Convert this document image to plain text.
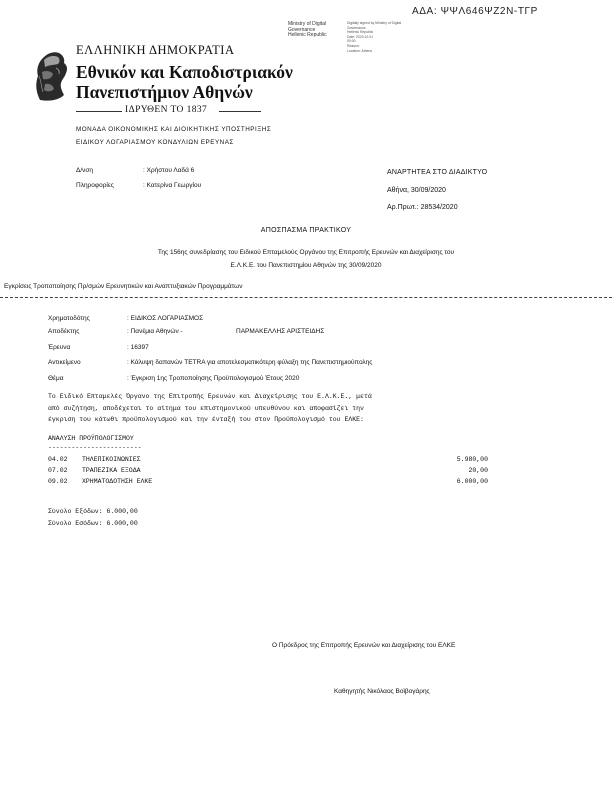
ΑΔΑ: ΨΨΛ646ΨΖ2Ν-ΤΓΡ
Ministry of Digital
Governance
Hellenic Republic
Digitally signed by Ministry of Digital
Governance,
Hellenic Republic
Date: 2020.10.01
00:00
Reason:
Location: Athens
ΕΛΛΗΝΙΚΗ ΔΗΜΟΚΡΑΤΙΑ
Εθνικόν και Καποδιστριακόν
Πανεπιστήμιον Αθηνών
ΙΔΡΥΘΕΝ ΤΟ 1837
ΜΟΝΑΔΑ ΟΙΚΟΝΟΜΙΚΗΣ ΚΑΙ ΔΙΟΙΚΗΤΙΚΗΣ ΥΠΟΣΤΗΡΙΞΗΣ
ΕΙΔΙΚΟΥ ΛΟΓΑΡΙΑΣΜΟΥ ΚΟΝΔΥΛΙΩΝ ΕΡΕΥΝΑΣ
Δ/νση	: Χρήστου Λαδά 6
Πληροφορίες	: Κατερίνα Γεωργίου
ΑΝΑΡΤΗΤΕΑ ΣΤΟ ΔΙΑΔΙΚΤΥΟ
Αθήνα, 30/09/2020
Αρ.Πρωτ.: 28534/2020
ΑΠΟΣΠΑΣΜΑ ΠΡΑΚΤΙΚΟΥ
Της 156ης συνεδρίασης του Ειδικού Επταμελούς Οργάνου της Επιτροπής Ερευνών και Διαχείρισης του
Ε.Λ.Κ.Ε. του Πανεπιστημίου Αθηνών της 30/09/2020
Εγκρίσεις Τροποποίησης Πρ/σμών Ερευνητικών και Αναπτυξιακών Προγραμμάτων
Χρηματοδότης	: ΕΙΔΙΚΟΣ ΛΟΓΑΡΙΑΣΜΟΣ
Αποδέκτης	: Πανέμια Αθηνών -	ΠΑΡΜΑΚΕΛΛΗΣ ΑΡΙΣΤΕΙΔΗΣ
Έρευνα	: 16397
Αντικείμενο	: Κάλυψη δαπανών TETRA για αποτελεσματικότερη φύλαξη της Πανεπιστημιούπολης
Θέμα	: Έγκριση 1ης Τροποποίησης Προϋπολογισμού Έτους 2020
Το Ειδικό Επταμελές Όργανο της Επιτροπής Ερευνών και Διαχείρισης του Ε.Λ.Κ.Ε., μετά
από συζήτηση, αποδέχεται το αίτημα του επιστημονικού υπευθύνου και αποφασίζει την
έγκριση του κάτωθι προϋπολογισμού και την ένταξή του στον Προϋπολογισμό του ΕΛΚΕ:
ΑΝΑΛΥΣΗ ΠΡΟΫΠΟΛΟΓΙΣΜΟΥ
------------------------
04.02 ΤΗΛΕΠΙΚΟΙΝΩΝΙΕΣ	5.980,00
07.02 ΤΡΑΠΕΖΙΚΑ ΕΞΟΔΑ	20,00
09.02 ΧΡΗΜΑΤΟΔΟΤΗΣΗ ΕΛΚΕ	6.000,00
Σύνολο Εξόδων: 6.000,00
Σύνολο Εσόδων: 6.000,00
Ο Πρόεδρος της Επιτροπής Ερευνών και Διαχείρισης του ΕΛΚΕ
Καθηγητής Νικόλαος Βοϊβογάρης
